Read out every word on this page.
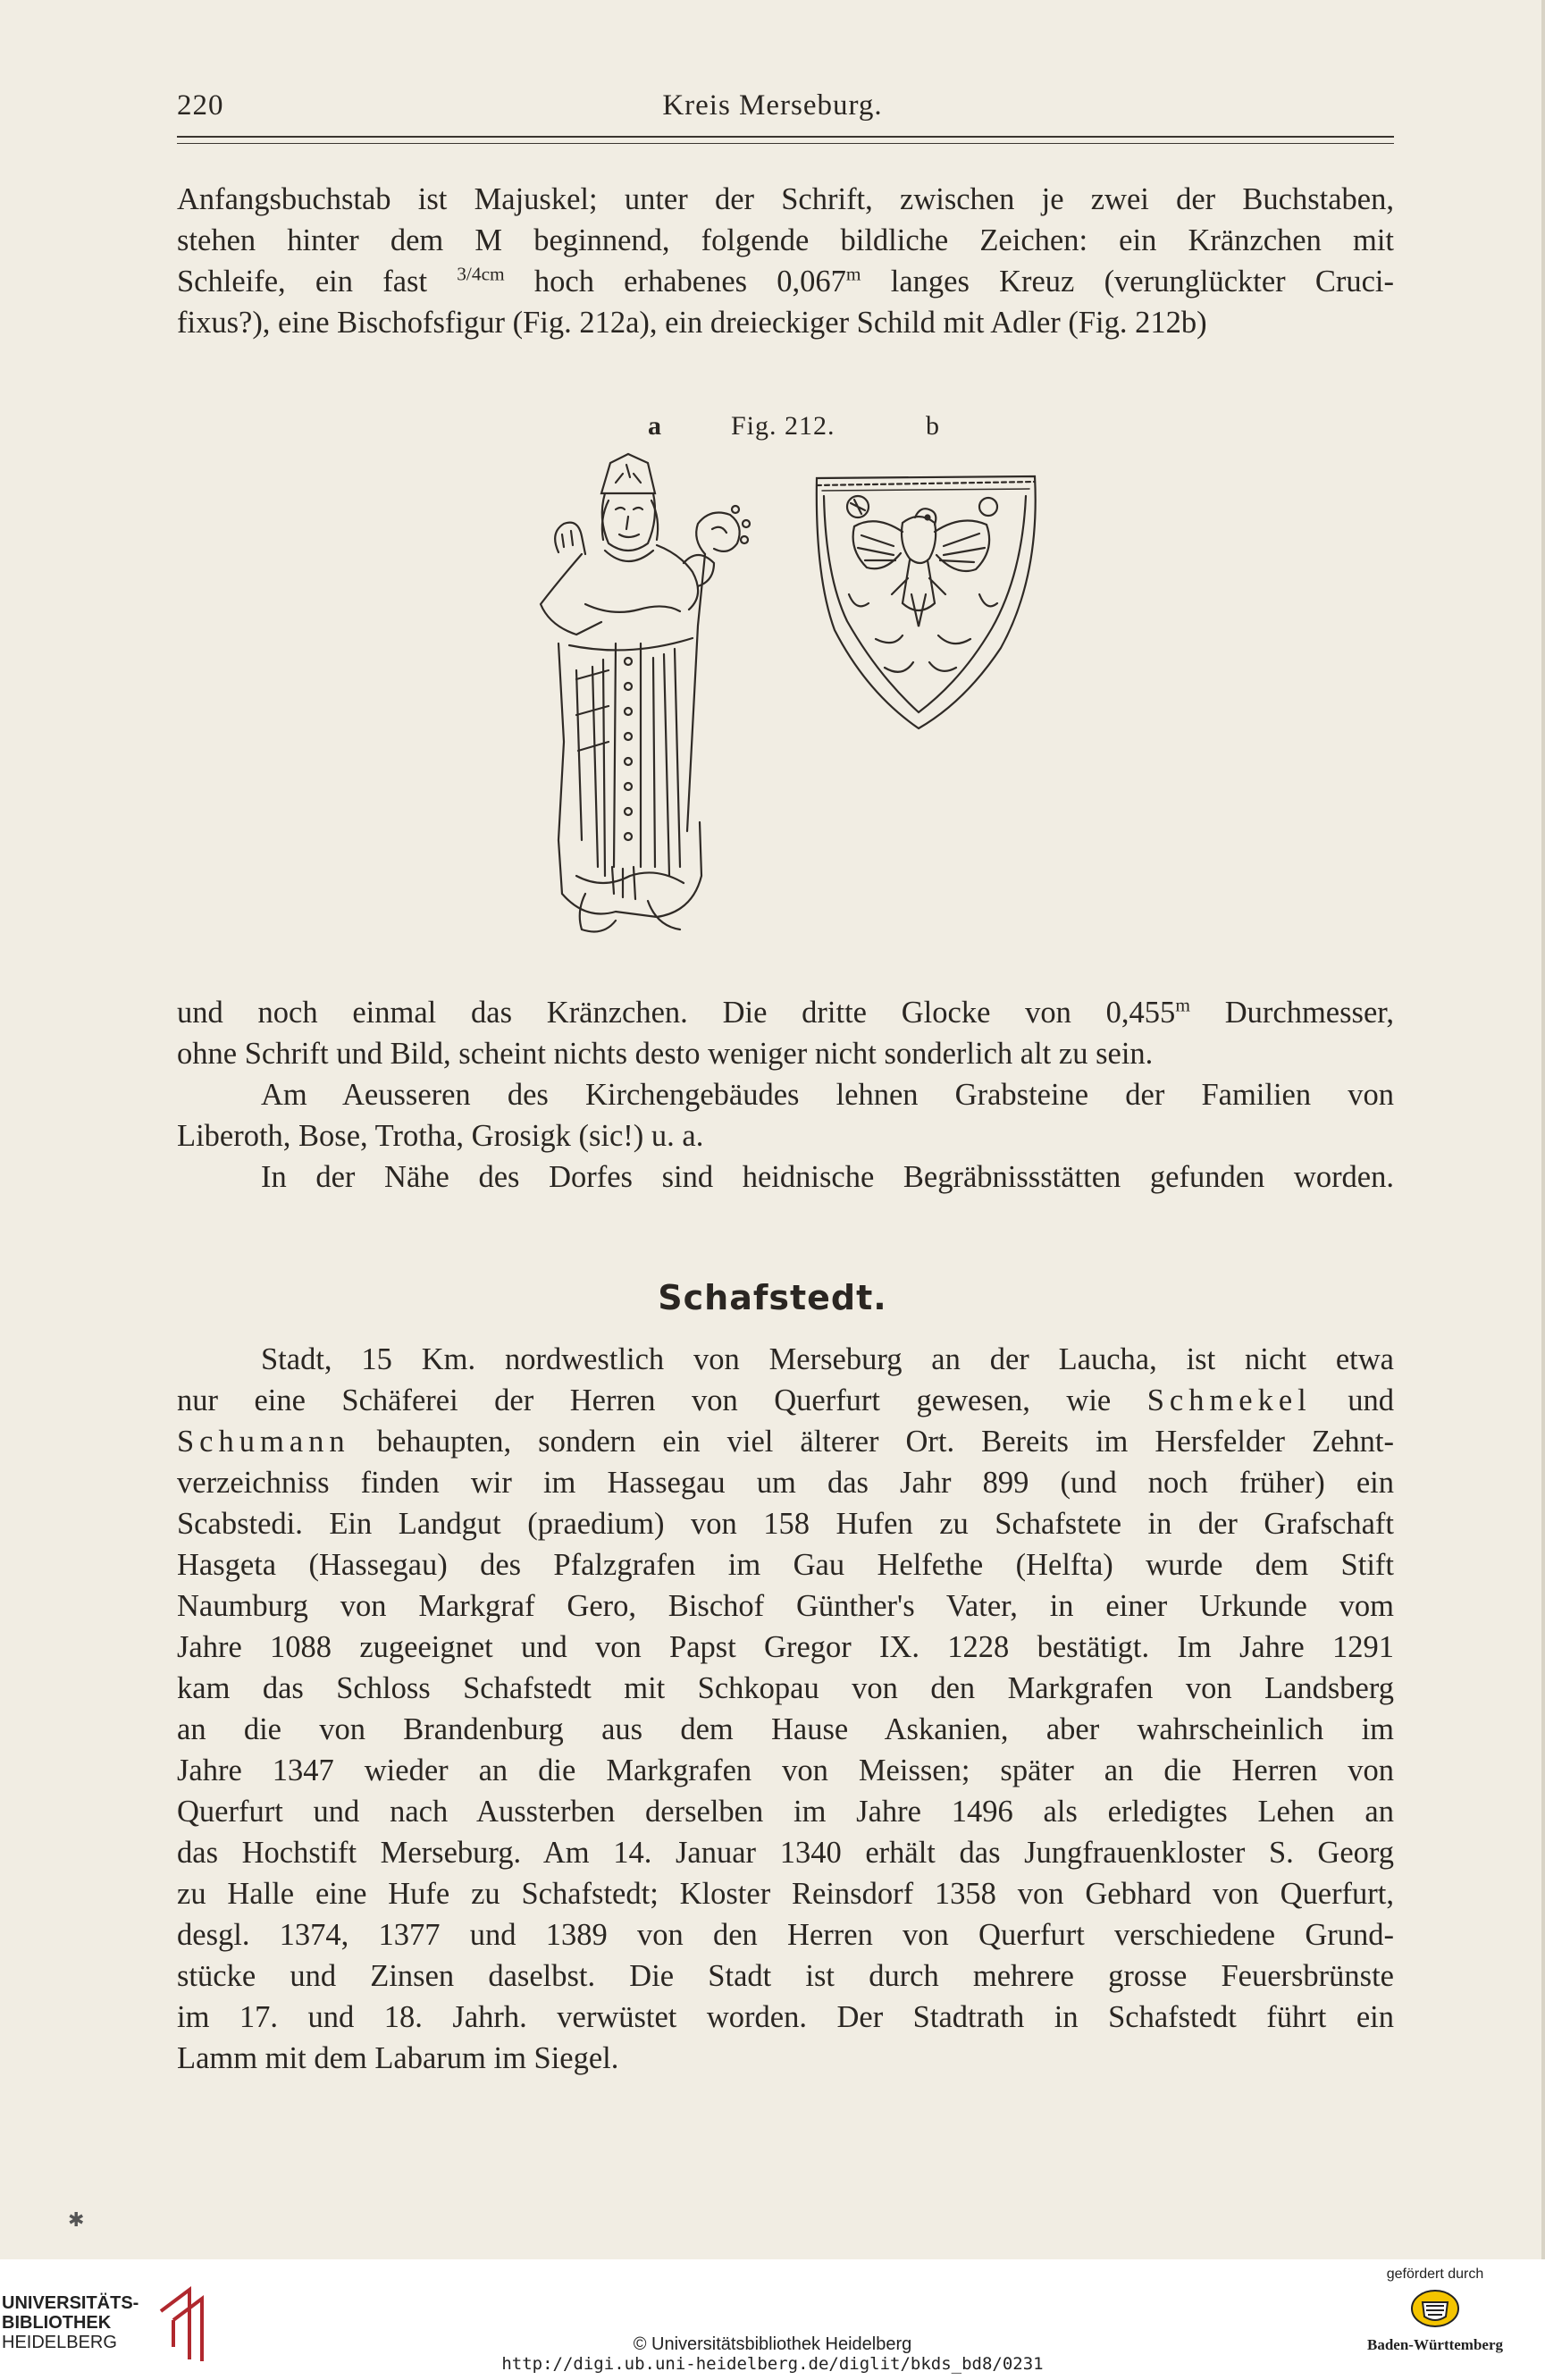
220	Kreis Merseburg.
Anfangsbuchstab ist Majuskel; unter der Schrift, zwischen je zwei der Buchstaben,
stehen hinter dem M beginnend, folgende bildliche Zeichen: ein Kränzchen mit
Schleife, ein fast $^{3/4cm}$ hoch erhabenes 0,067$^m$ langes Kreuz (verunglückter Cruci-
fixus?), eine Bischofsfigur (Fig. 212a), ein dreieckiger Schild mit Adler (Fig. 212b)
a	Fig. 212.	b
und noch einmal das Kränzchen. Die dritte Glocke von 0,455$^m$ Durchmesser,
ohne Schrift und Bild, scheint nichts desto weniger nicht sonderlich alt zu sein.
Am Aeusseren des Kirchengebäudes lehnen Grabsteine der Familien von
Liberoth, Bose, Trotha, Grosigk (sic!) u. a.
In der Nähe des Dorfes sind heidnische Begräbnissstätten gefunden worden.
Schafstedt.
Stadt, 15 Km. nordwestlich von Merseburg an der Laucha, ist nicht etwa
nur eine Schäferei der Herren von Querfurt gewesen, wie Schmekel und
Schumann behaupten, sondern ein viel älterer Ort. Bereits im Hersfelder Zehnt-
verzeichniss finden wir im Hassegau um das Jahr 899 (und noch früher) ein
Scabstedi. Ein Landgut (praedium) von 158 Hufen zu Schafstete in der Grafschaft
Hasgeta (Hassegau) des Pfalzgrafen im Gau Helfethe (Helfta) wurde dem Stift
Naumburg von Markgraf Gero, Bischof Günther's Vater, in einer Urkunde vom
Jahre 1088 zugeeignet und von Papst Gregor IX. 1228 bestätigt. Im Jahre 1291
kam das Schloss Schafstedt mit Schkopau von den Markgrafen von Landsberg
an die von Brandenburg aus dem Hause Askanien, aber wahrscheinlich im
Jahre 1347 wieder an die Markgrafen von Meissen; später an die Herren von
Querfurt und nach Aussterben derselben im Jahre 1496 als erledigtes Lehen an
das Hochstift Merseburg. Am 14. Januar 1340 erhält das Jungfrauenkloster S. Georg
zu Halle eine Hufe zu Schafstedt; Kloster Reinsdorf 1358 von Gebhard von Querfurt,
desgl. 1374, 1377 und 1389 von den Herren von Querfurt verschiedene Grund-
stücke und Zinsen daselbst. Die Stadt ist durch mehrere grosse Feuersbrünste
im 17. und 18. Jahrh. verwüstet worden. Der Stadtrath in Schafstedt führt ein
Lamm mit dem Labarum im Siegel.
✱
UNIVERSITÄTS-
BIBLIOTHEK
HEIDELBERG	© Universitätsbibliothek Heidelberg
http://digi.ub.uni-heidelberg.de/diglit/bkds_bd8/0231
gefördert durch
Baden-Württemberg
